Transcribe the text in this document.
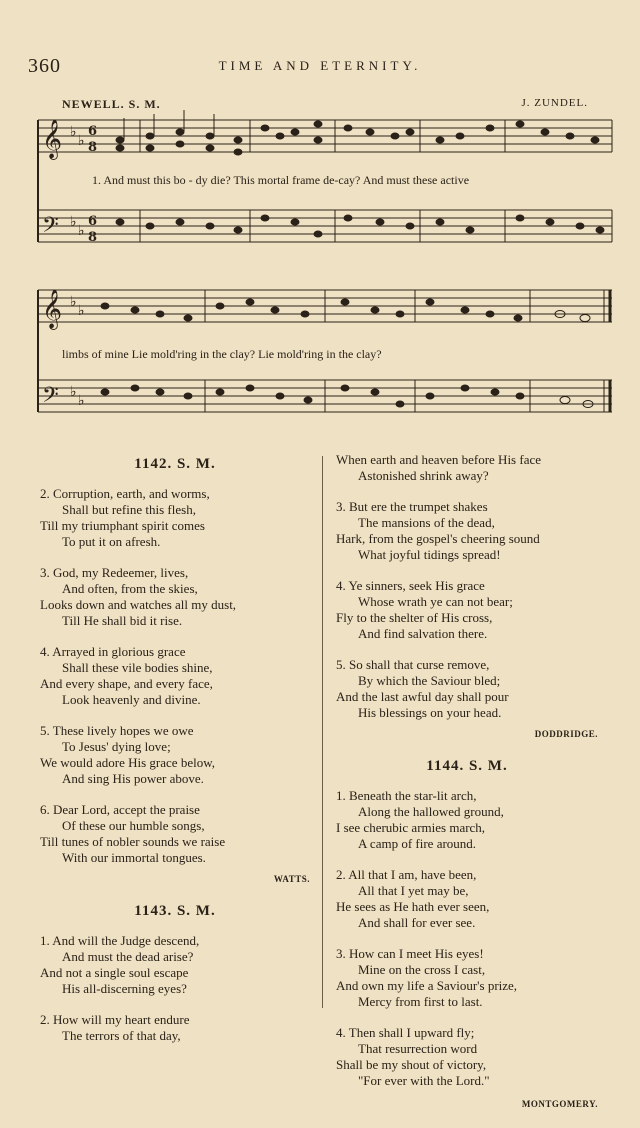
360	TIME AND ETERNITY.
NEWELL. S. M.	J. ZUNDEL.
𝄞
𝄢
𝄞
𝄢
♭
♭
♭
♭
♭
♭
♭
♭
6
8
6
8
1. And must this bo - dy die? This mortal frame de-cay? And must these active
limbs of mine Lie mold'ring in the clay? Lie mold'ring in the clay?
1142. S. M.
2. Corruption, earth, and worms,
Shall but refine this flesh,
Till my triumphant spirit comes
To put it on afresh.
3. God, my Redeemer, lives,
And often, from the skies,
Looks down and watches all my dust,
Till He shall bid it rise.
4. Arrayed in glorious grace
Shall these vile bodies shine,
And every shape, and every face,
Look heavenly and divine.
5. These lively hopes we owe
To Jesus' dying love;
We would adore His grace below,
And sing His power above.
6. Dear Lord, accept the praise
Of these our humble songs,
Till tunes of nobler sounds we raise
With our immortal tongues.
WATTS.
1143. S. M.
1. And will the Judge descend,
And must the dead arise?
And not a single soul escape
His all-discerning eyes?
2. How will my heart endure
The terrors of that day,
When earth and heaven before His face
Astonished shrink away?
3. But ere the trumpet shakes
The mansions of the dead,
Hark, from the gospel's cheering sound
What joyful tidings spread!
4. Ye sinners, seek His grace
Whose wrath ye can not bear;
Fly to the shelter of His cross,
And find salvation there.
5. So shall that curse remove,
By which the Saviour bled;
And the last awful day shall pour
His blessings on your head.
DODDRIDGE.
1144. S. M.
1. Beneath the star-lit arch,
Along the hallowed ground,
I see cherubic armies march,
A camp of fire around.
2. All that I am, have been,
All that I yet may be,
He sees as He hath ever seen,
And shall for ever see.
3. How can I meet His eyes!
Mine on the cross I cast,
And own my life a Saviour's prize,
Mercy from first to last.
4. Then shall I upward fly;
That resurrection word
Shall be my shout of victory,
"For ever with the Lord."
MONTGOMERY.
